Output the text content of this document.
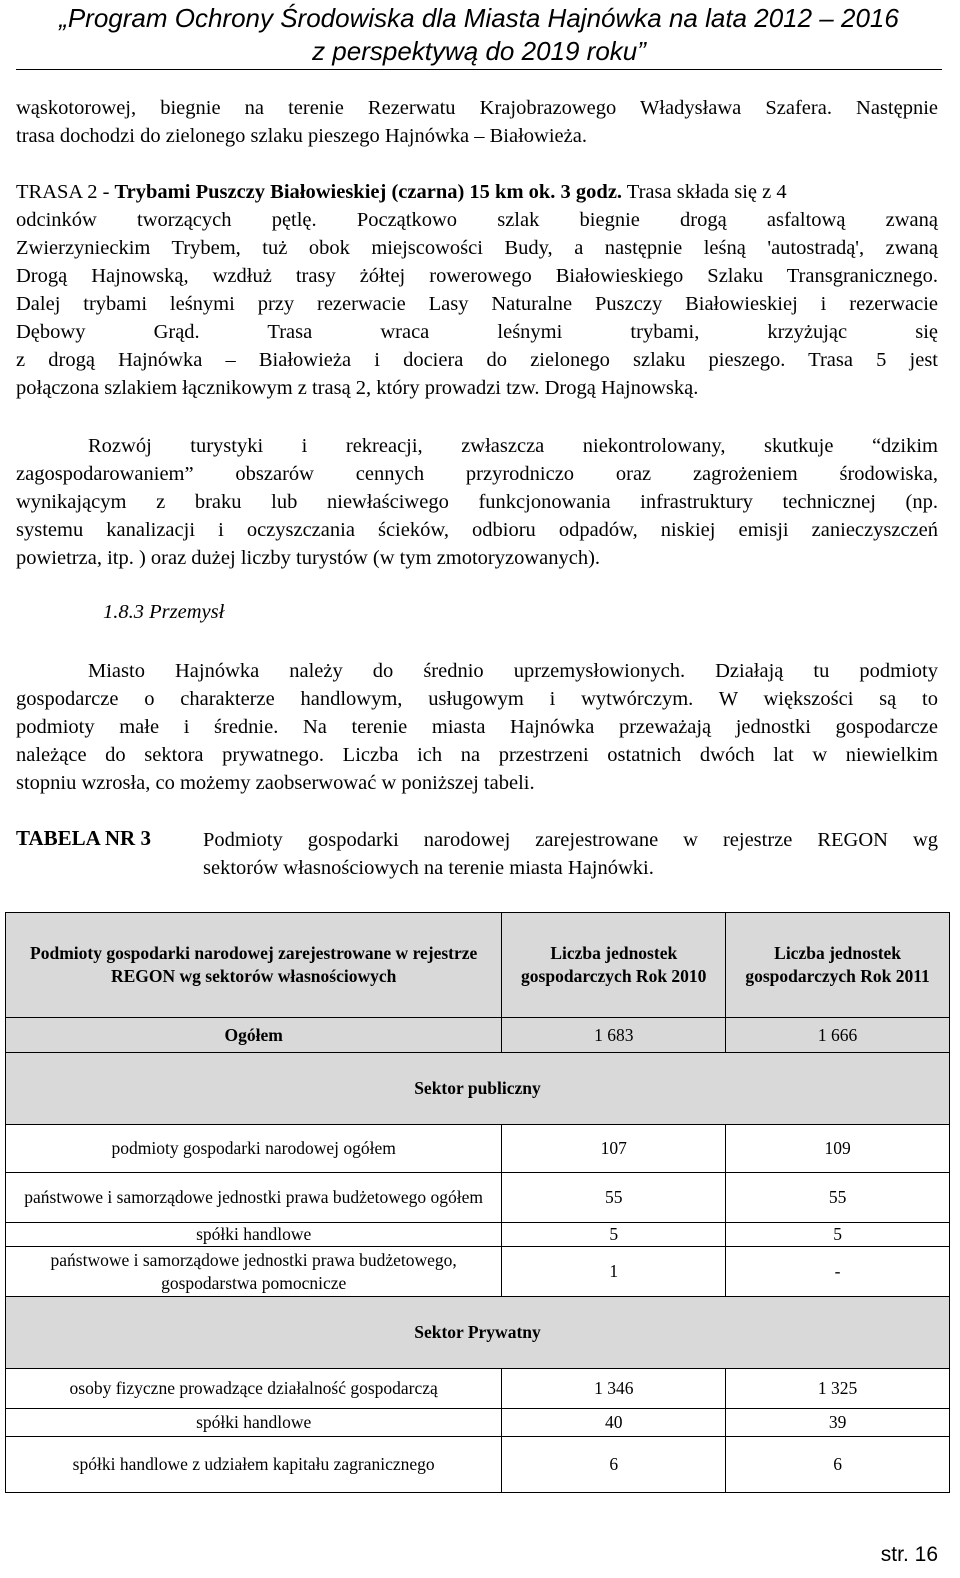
„Program Ochrony Środowiska dla Miasta Hajnówka na lata 2012 – 2016
z perspektywą do 2019 roku”
wąskotorowej, biegnie na terenie Rezerwatu Krajobrazowego Władysława Szafera. Następnie
trasa dochodzi do zielonego szlaku pieszego Hajnówka – Białowieża.
TRASA 2 - Trybami Puszczy Białowieskiej (czarna) 15 km ok. 3 godz. Trasa składa się z 4
odcinków tworzących pętlę. Początkowo szlak biegnie drogą asfaltową zwaną
Zwierzynieckim Trybem, tuż obok miejscowości Budy, a następnie leśną 'autostradą', zwaną
Drogą Hajnowską, wzdłuż trasy żółtej rowerowego Białowieskiego Szlaku Transgranicznego.
Dalej trybami leśnymi przy rezerwacie Lasy Naturalne Puszczy Białowieskiej i rezerwacie
Dębowy Grąd. Trasa wraca leśnymi trybami, krzyżując się
z drogą Hajnówka – Białowieża i dociera do zielonego szlaku pieszego. Trasa 5 jest
połączona szlakiem łącznikowym z trasą 2, który prowadzi tzw. Drogą Hajnowską.
Rozwój turystyki i rekreacji, zwłaszcza niekontrolowany, skutkuje “dzikim
zagospodarowaniem” obszarów cennych przyrodniczo oraz zagrożeniem środowiska,
wynikającym z braku lub niewłaściwego funkcjonowania infrastruktury technicznej (np.
systemu kanalizacji i oczyszczania ścieków, odbioru odpadów, niskiej emisji zanieczyszczeń
powietrza, itp. ) oraz dużej liczby turystów (w tym zmotoryzowanych).
1.8.3 Przemysł
Miasto Hajnówka należy do średnio uprzemysłowionych. Działają tu podmioty
gospodarcze o charakterze handlowym, usługowym i wytwórczym. W większości są to
podmioty małe i średnie. Na terenie miasta Hajnówka przeważają jednostki gospodarcze
należące do sektora prywatnego. Liczba ich na przestrzeni ostatnich dwóch lat w niewielkim
stopniu wzrosła, co możemy zaobserwować w poniższej tabeli.
TABELA NR 3	Podmioty gospodarki narodowej zarejestrowane w rejestrze REGON wg
sektorów własnościowych na terenie miasta Hajnówki.
Podmioty gospodarki narodowej zarejestrowane w rejestrze REGON wg sektorów własnościowych	Liczba jednostek gospodarczych Rok 2010	Liczba jednostek gospodarczych Rok 2011
Ogółem	1 683	1 666
Sektor publiczny		
podmioty gospodarki narodowej ogółem	107	109
państwowe i samorządowe jednostki prawa budżetowego ogółem	55	55
spółki handlowe	5	5
państwowe i samorządowe jednostki prawa budżetowego, gospodarstwa pomocnicze	1	-
Sektor Prywatny		
osoby fizyczne prowadzące działalność gospodarczą	1 346	1 325
spółki handlowe	40	39
spółki handlowe z udziałem kapitału zagranicznego	6	6
str. 16
